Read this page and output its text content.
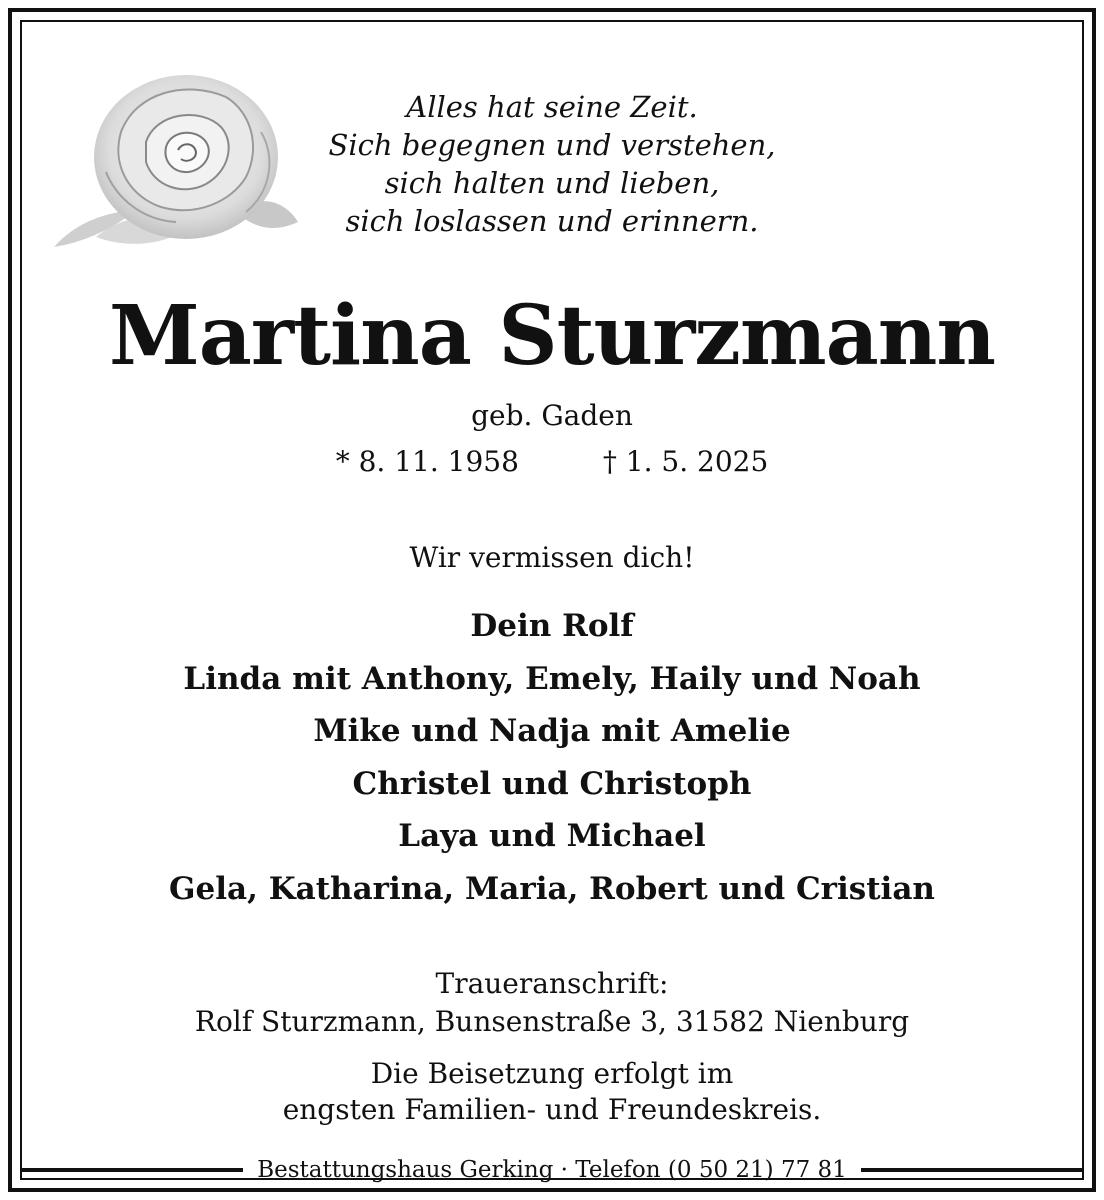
Alles hat seine Zeit.
Sich begegnen und verstehen,
sich halten und lieben,
sich loslassen und erinnern.
Martina Sturzmann
geb. Gaden
* 8. 11. 1958	† 1. 5. 2025
Wir vermissen dich!
Dein Rolf
Linda mit Anthony, Emely, Haily und Noah
Mike und Nadja mit Amelie
Christel und Christoph
Laya und Michael
Gela, Katharina, Maria, Robert und Cristian
Traueranschrift:
Rolf Sturzmann, Bunsenstraße 3, 31582 Nienburg
Die Beisetzung erfolgt im
engsten Familien- und Freundeskreis.
Bestattungshaus Gerking · Telefon (0 50 21) 77 81
